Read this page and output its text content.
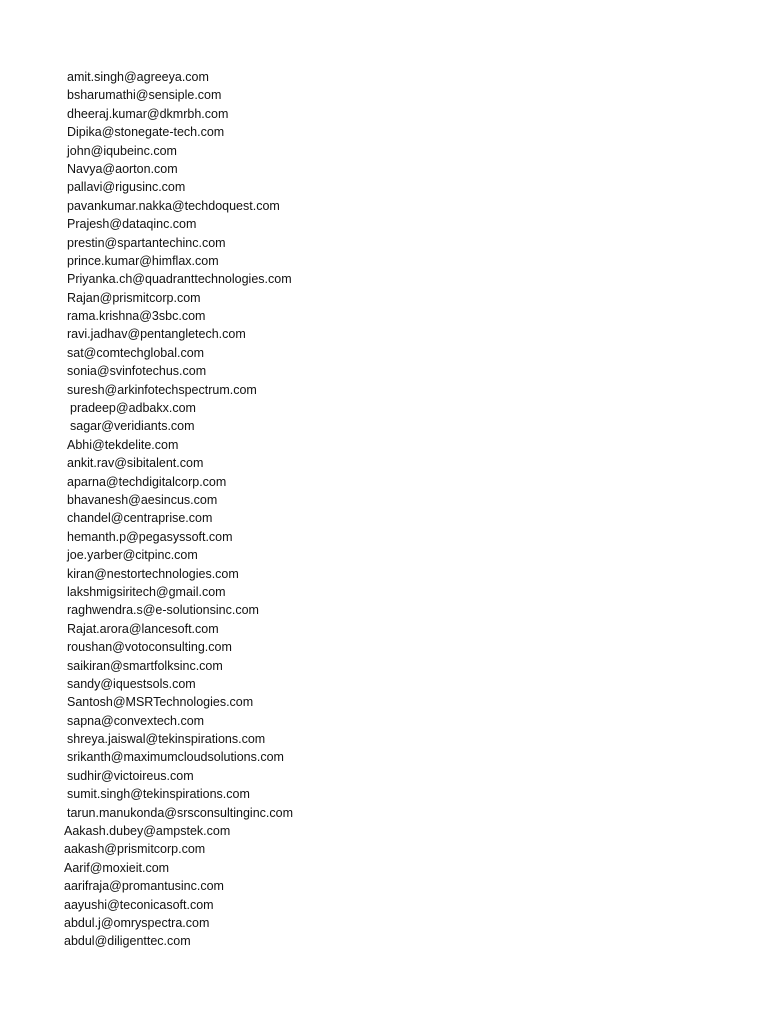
amit.singh@agreeya.com
bsharumathi@sensiple.com
dheeraj.kumar@dkmrbh.com
Dipika@stonegate-tech.com
john@iqubeinc.com
Navya@aorton.com
pallavi@rigusinc.com
pavankumar.nakka@techdoquest.com
Prajesh@dataqinc.com
prestin@spartantechinc.com
prince.kumar@himflax.com
Priyanka.ch@quadranttechnologies.com
Rajan@prismitcorp.com
rama.krishna@3sbc.com
ravi.jadhav@pentangletech.com
sat@comtechglobal.com
sonia@svinfotechus.com
suresh@arkinfotechspectrum.com
pradeep@adbakx.com
sagar@veridiants.com
Abhi@tekdelite.com
ankit.rav@sibitalent.com
aparna@techdigitalcorp.com
bhavanesh@aesincus.com
chandel@centraprise.com
hemanth.p@pegasyssoft.com
joe.yarber@citpinc.com
kiran@nestortechnologies.com
lakshmigsiritech@gmail.com
raghwendra.s@e-solutionsinc.com
Rajat.arora@lancesoft.com
roushan@votoconsulting.com
saikiran@smartfolksinc.com
sandy@iquestsols.com
Santosh@MSRTechnologies.com
sapna@convextech.com
shreya.jaiswal@tekinspirations.com
srikanth@maximumcloudsolutions.com
sudhir@victoireus.com
sumit.singh@tekinspirations.com
tarun.manukonda@srsconsultinginc.com
Aakash.dubey@ampstek.com
aakash@prismitcorp.com
Aarif@moxieit.com
aarifraja@promantusinc.com
aayushi@teconicasoft.com
abdul.j@omryspectra.com
abdul@diligenttec.com
